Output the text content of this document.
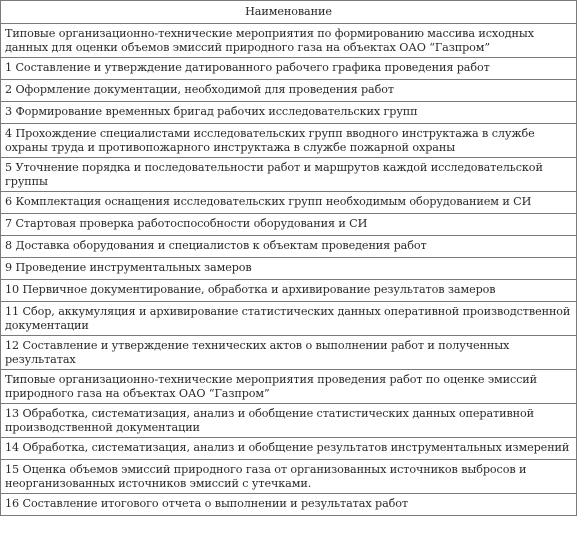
Наименование
Типовые организационно-технические мероприятия по формированию массива исходных данных для оценки объемов эмиссий природного газа на объектах ОАО “Газпром”
1 Составление и утверждение датированного рабочего графика проведения работ
2 Оформление документации, необходимой для проведения работ
3 Формирование временных бригад рабочих исследовательских групп
4 Прохождение специалистами исследовательских групп вводного инструктажа в службе охраны труда и противопожарного инструктажа в службе пожарной охраны
5 Уточнение порядка и последовательности работ и маршрутов каждой исследовательской группы
6 Комплектация оснащения исследовательских групп необходимым оборудованием и СИ
7 Стартовая проверка работоспособности оборудования и СИ
8 Доставка оборудования и специалистов к объектам проведения работ
9 Проведение инструментальных замеров
10 Первичное документирование, обработка и архивирование результатов замеров
11 Сбор, аккумуляция и архивирование статистических данных оперативной производственной документации
12 Составление и утверждение технических актов о выполнении работ и полученных результатах
Типовые организационно-технические мероприятия проведения работ по оценке эмиссий природного газа на объектах ОАО “Газпром”
13 Обработка, систематизация, анализ и обобщение статистических данных оперативной производственной документации
14 Обработка, систематизация, анализ и обобщение результатов инструментальных измерений
15 Оценка объемов эмиссий природного газа от организованных источников выбросов и неорганизованных источников эмиссий с утечками.
16 Составление итогового отчета о выполнении и результатах работ
